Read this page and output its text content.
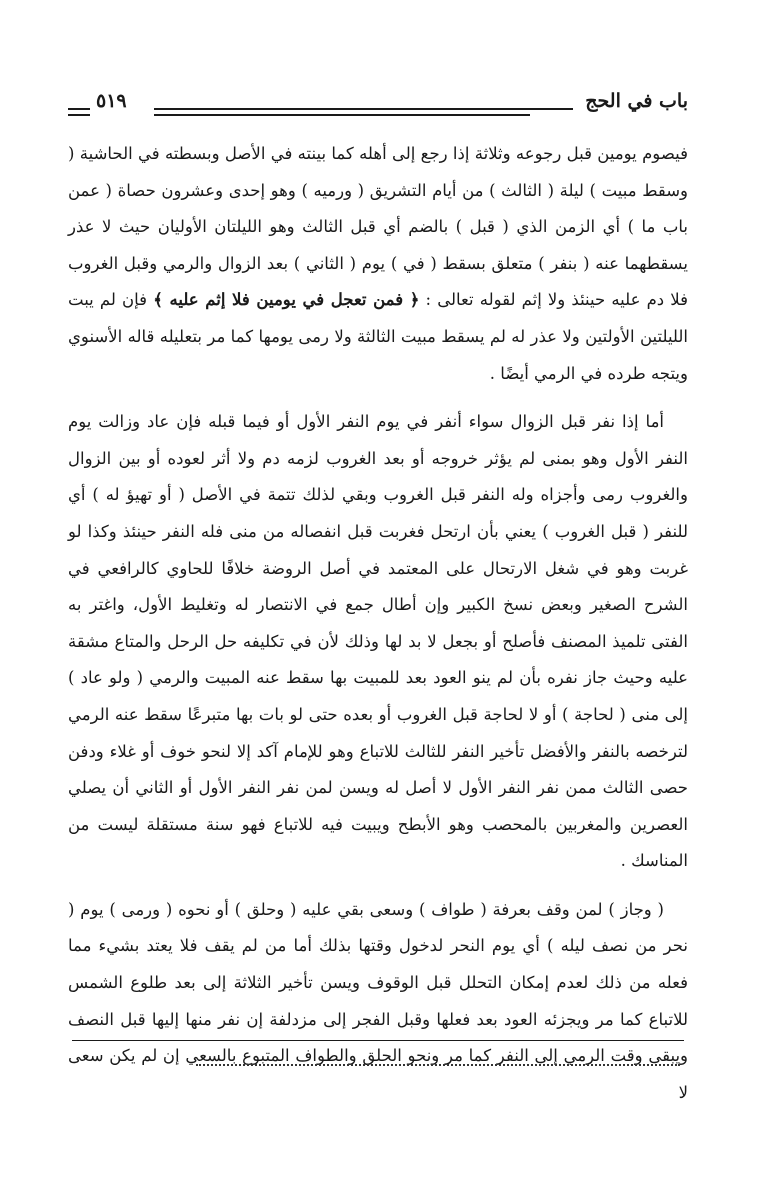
باب في الحج
٥١٩

فيصوم يومين قبل رجوعه وثلاثة إذا رجع إلى أهله كما بينته في الأصل وبسطته في الحاشية ( وسقط مبيت ) ليلة ( الثالث ) من أيام التشريق ( ورميه ) وهو إحدى وعشرون حصاة ( عمن باب ما ) أي الزمن الذي ( قبل ) بالضم أي قبل الثالث وهو الليلتان الأوليان حيث لا عذر يسقطهما عنه ( بنفر ) متعلق بسقط ( في ) يوم ( الثاني ) بعد الزوال والرمي وقبل الغروب فلا دم عليه حينئذ ولا إثم لقوله تعالى : ﴿ فمن تعجل في يومين فلا إثم عليه ﴾ فإن لم يبت الليلتين الأولتين ولا عذر له لم يسقط مبيت الثالثة ولا رمى يومها كما مر بتعليله قاله الأسنوي ويتجه طرده في الرمي أيضًا .

أما إذا نفر قبل الزوال سواء أنفر في يوم النفر الأول أو فيما قبله فإن عاد وزالت يوم النفر الأول وهو بمنى لم يؤثر خروجه أو بعد الغروب لزمه دم ولا أثر لعوده أو بين الزوال والغروب رمى وأجزاه وله النفر قبل الغروب وبقي لذلك تتمة في الأصل ( أو تهيؤ له ) أي للنفر ( قبل الغروب ) يعني بأن ارتحل فغربت قبل انفصاله من منى فله النفر حينئذ وكذا لو غربت وهو في شغل الارتحال على المعتمد في أصل الروضة خلافًا للحاوي كالرافعي في الشرح الصغير وبعض نسخ الكبير وإن أطال جمع في الانتصار له وتغليط الأول، واغتر به الفتى تلميذ المصنف فأصلح أو بجعل لا بد لها وذلك لأن في تكليفه حل الرحل والمتاع مشقة عليه وحيث جاز نفره بأن لم ينو العود بعد للمبيت بها سقط عنه المبيت والرمي ( ولو عاد ) إلى منى ( لحاجة ) أو لا لحاجة قبل الغروب أو بعده حتى لو بات بها متبرعًا سقط عنه الرمي لترخصه بالنفر والأفضل تأخير النفر للثالث للاتباع وهو للإمام آكد إلا لنحو خوف أو غلاء ودفن حصى الثالث ممن نفر النفر الأول لا أصل له ويسن لمن نفر النفر الأول أو الثاني أن يصلي العصرين والمغربين بالمحصب وهو الأبطح ويبيت فيه للاتباع فهو سنة مستقلة ليست من المناسك .

( وجاز ) لمن وقف بعرفة ( طواف ) وسعى بقي عليه ( وحلق ) أو نحوه ( ورمى ) يوم ( نحر من نصف ليله ) أي يوم النحر لدخول وقتها بذلك أما من لم يقف فلا يعتد بشيء مما فعله من ذلك لعدم إمكان التحلل قبل الوقوف ويسن تأخير الثلاثة إلى بعد طلوع الشمس للاتباع كما مر ويجزئه العود بعد فعلها وقبل الفجر إلى مزدلفة إن نفر منها إليها قبل النصف ويبقى وقت الرمي إلى النفر كما مر ونحو الحلق والطواف المتبوع بالسعي إن لم يكن سعى لا
